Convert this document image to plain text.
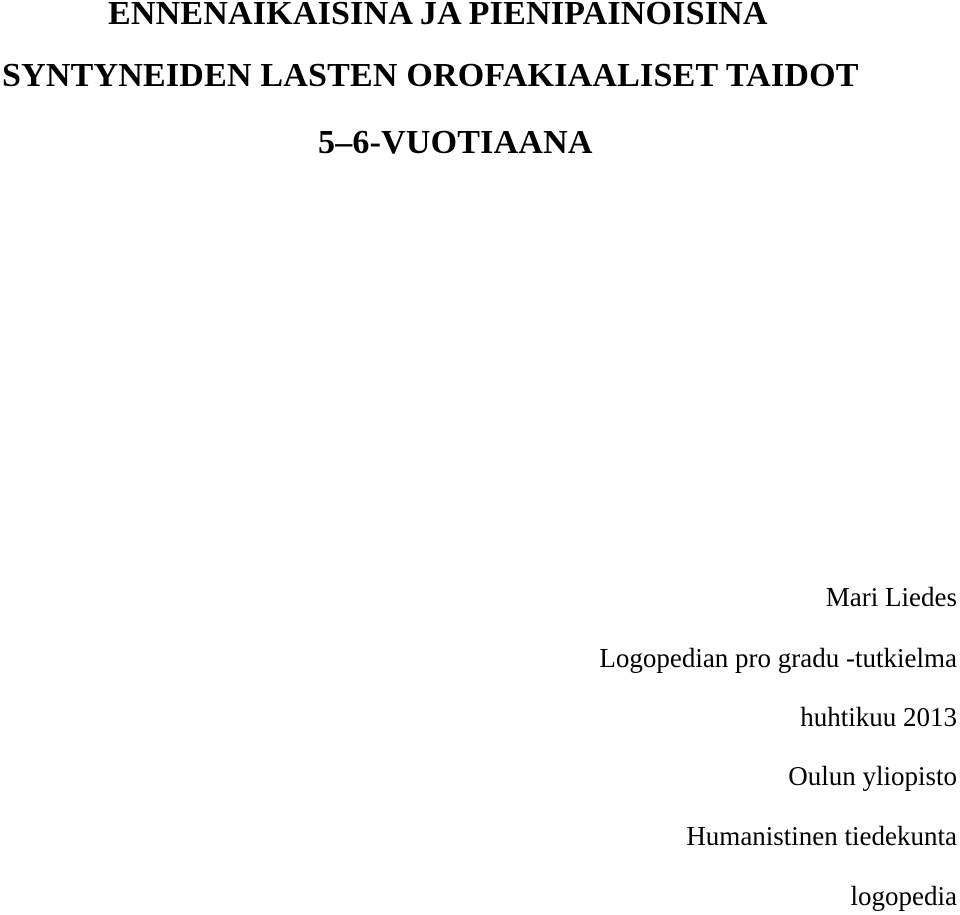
ENNENAIKAISINA JA PIENIPAINOISINA
SYNTYNEIDEN LASTEN OROFAKIAALISET TAIDOT
5–6-VUOTIAANA
Mari Liedes
Logopedian pro gradu -tutkielma
huhtikuu 2013
Oulun yliopisto
Humanistinen tiedekunta
logopedia
